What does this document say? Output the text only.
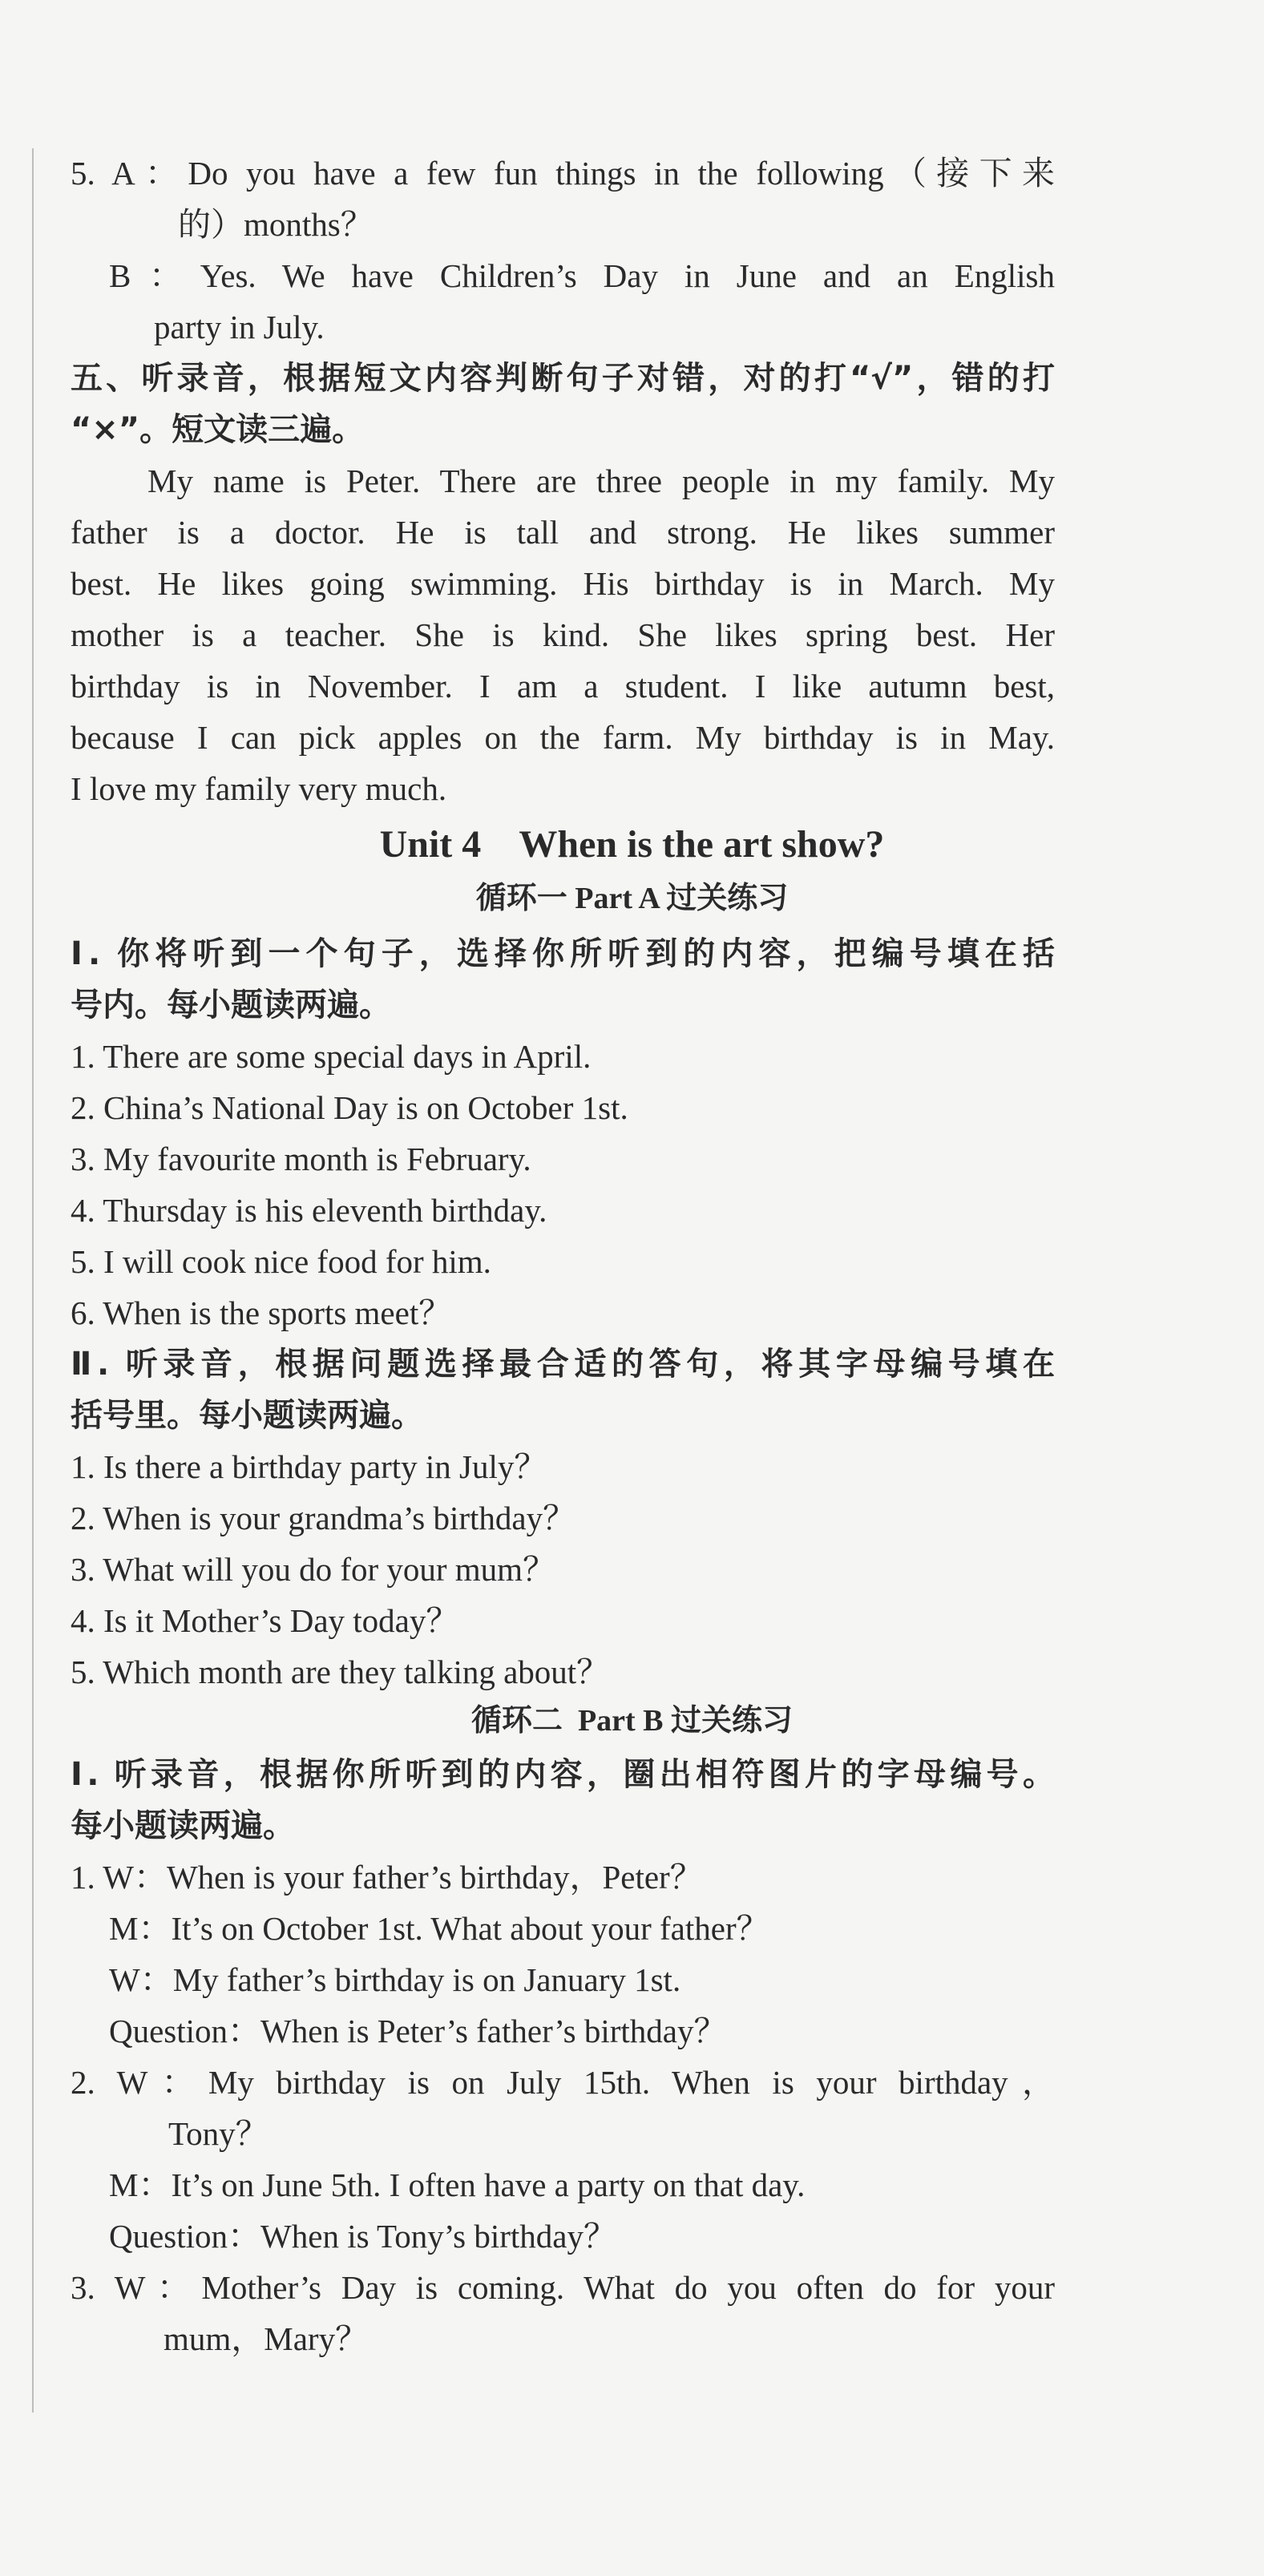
5. A：Do you have a few fun things in the following（接下来
的）months？
B：Yes. We have Children’s Day in June and an English
party in July.
五、听录音，根据短文内容判断句子对错，对的打“√”，错的打
“×”。短文读三遍。
My name is Peter. There are three people in my family. My
father is a doctor. He is tall and strong. He likes summer
best. He likes going swimming. His birthday is in March. My
mother is a teacher. She is kind. She likes spring best. Her
birthday is in November. I am a student. I like autumn best,
because I can pick apples on the farm. My birthday is in May.
I love my family very much.
Unit 4    When is the art show?
循环一 Part A 过关练习
Ⅰ. 你将听到一个句子，选择你所听到的内容，把编号填在括
号内。每小题读两遍。
1. There are some special days in April.
2. China’s National Day is on October 1st.
3. My favourite month is February.
4. Thursday is his eleventh birthday.
5. I will cook nice food for him.
6. When is the sports meet？
Ⅱ. 听录音，根据问题选择最合适的答句，将其字母编号填在
括号里。每小题读两遍。
1. Is there a birthday party in July？
2. When is your grandma’s birthday？
3. What will you do for your mum？
4. Is it Mother’s Day today？
5. Which month are they talking about？
循环二 Part B 过关练习
Ⅰ. 听录音，根据你所听到的内容，圈出相符图片的字母编号。
每小题读两遍。
1. W：When is your father’s birthday，Peter？
M：It’s on October 1st. What about your father？
W：My father’s birthday is on January 1st.
Question：When is Peter’s father’s birthday？
2. W：My birthday is on July 15th. When is your birthday，
Tony？
M：It’s on June 5th. I often have a party on that day.
Question：When is Tony’s birthday？
3. W：Mother’s Day is coming. What do you often do for your
mum，Mary？
